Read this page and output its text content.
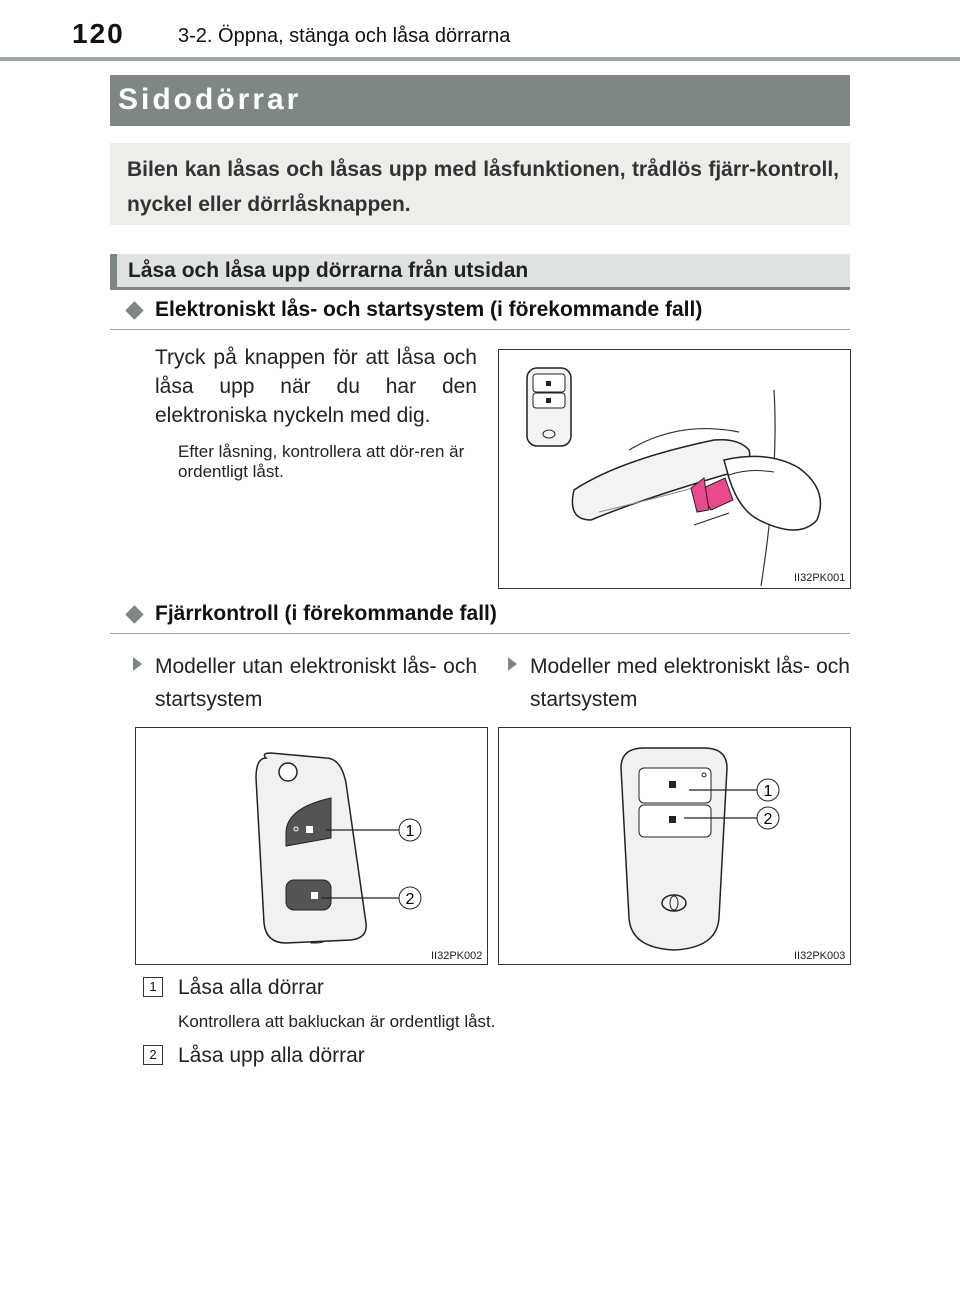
120	3-2. Öppna, stänga och låsa dörrarna
Sidodörrar
Bilen kan låsas och låsas upp med låsfunktionen, trådlös fjärr-kontroll, nyckel eller dörrlåsknappen.
Låsa och låsa upp dörrarna från utsidan
Elektroniskt lås- och startsystem (i förekommande fall)
Tryck på knappen för att låsa och låsa upp när du har den elektroniska nyckeln med dig.
Efter låsning, kontrollera att dör-ren är ordentligt låst.
II32PK001
Fjärrkontroll (i förekommande fall)
Modeller utan elektroniskt lås- och startsystem
Modeller med elektroniskt lås- och startsystem
1
2
II32PK002
1
2
II32PK003
1	Låsa alla dörrar
Kontrollera att bakluckan är ordentligt låst.
2	Låsa upp alla dörrar
